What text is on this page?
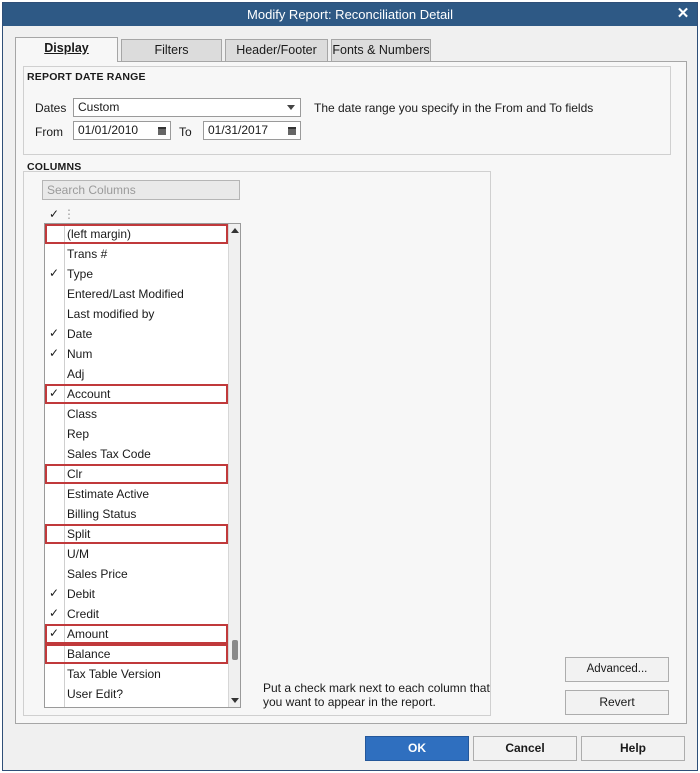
Modify Report: Reconciliation Detail	✕
Display	Filters	Header/Footer	Fonts & Numbers
REPORT DATE RANGE
Dates Custom	The date range you specify in the From and To fields
From	01/01/2010	To	01/31/2017
COLUMNS
Search Columns
✓ ⋮
(left margin)
Trans #
✓ Type
Entered/Last Modified
Last modified by
✓ Date
✓ Num
Adj
✓ Account
Class
Rep
Sales Tax Code
Clr
Estimate Active
Billing Status
Split
U/M
Sales Price
✓ Debit
✓ Credit
✓ Amount
Balance
Tax Table Version
User Edit?	Put a check mark next to each column that you want to appear in the report.
Advanced...
Revert
OK	Cancel	Help
